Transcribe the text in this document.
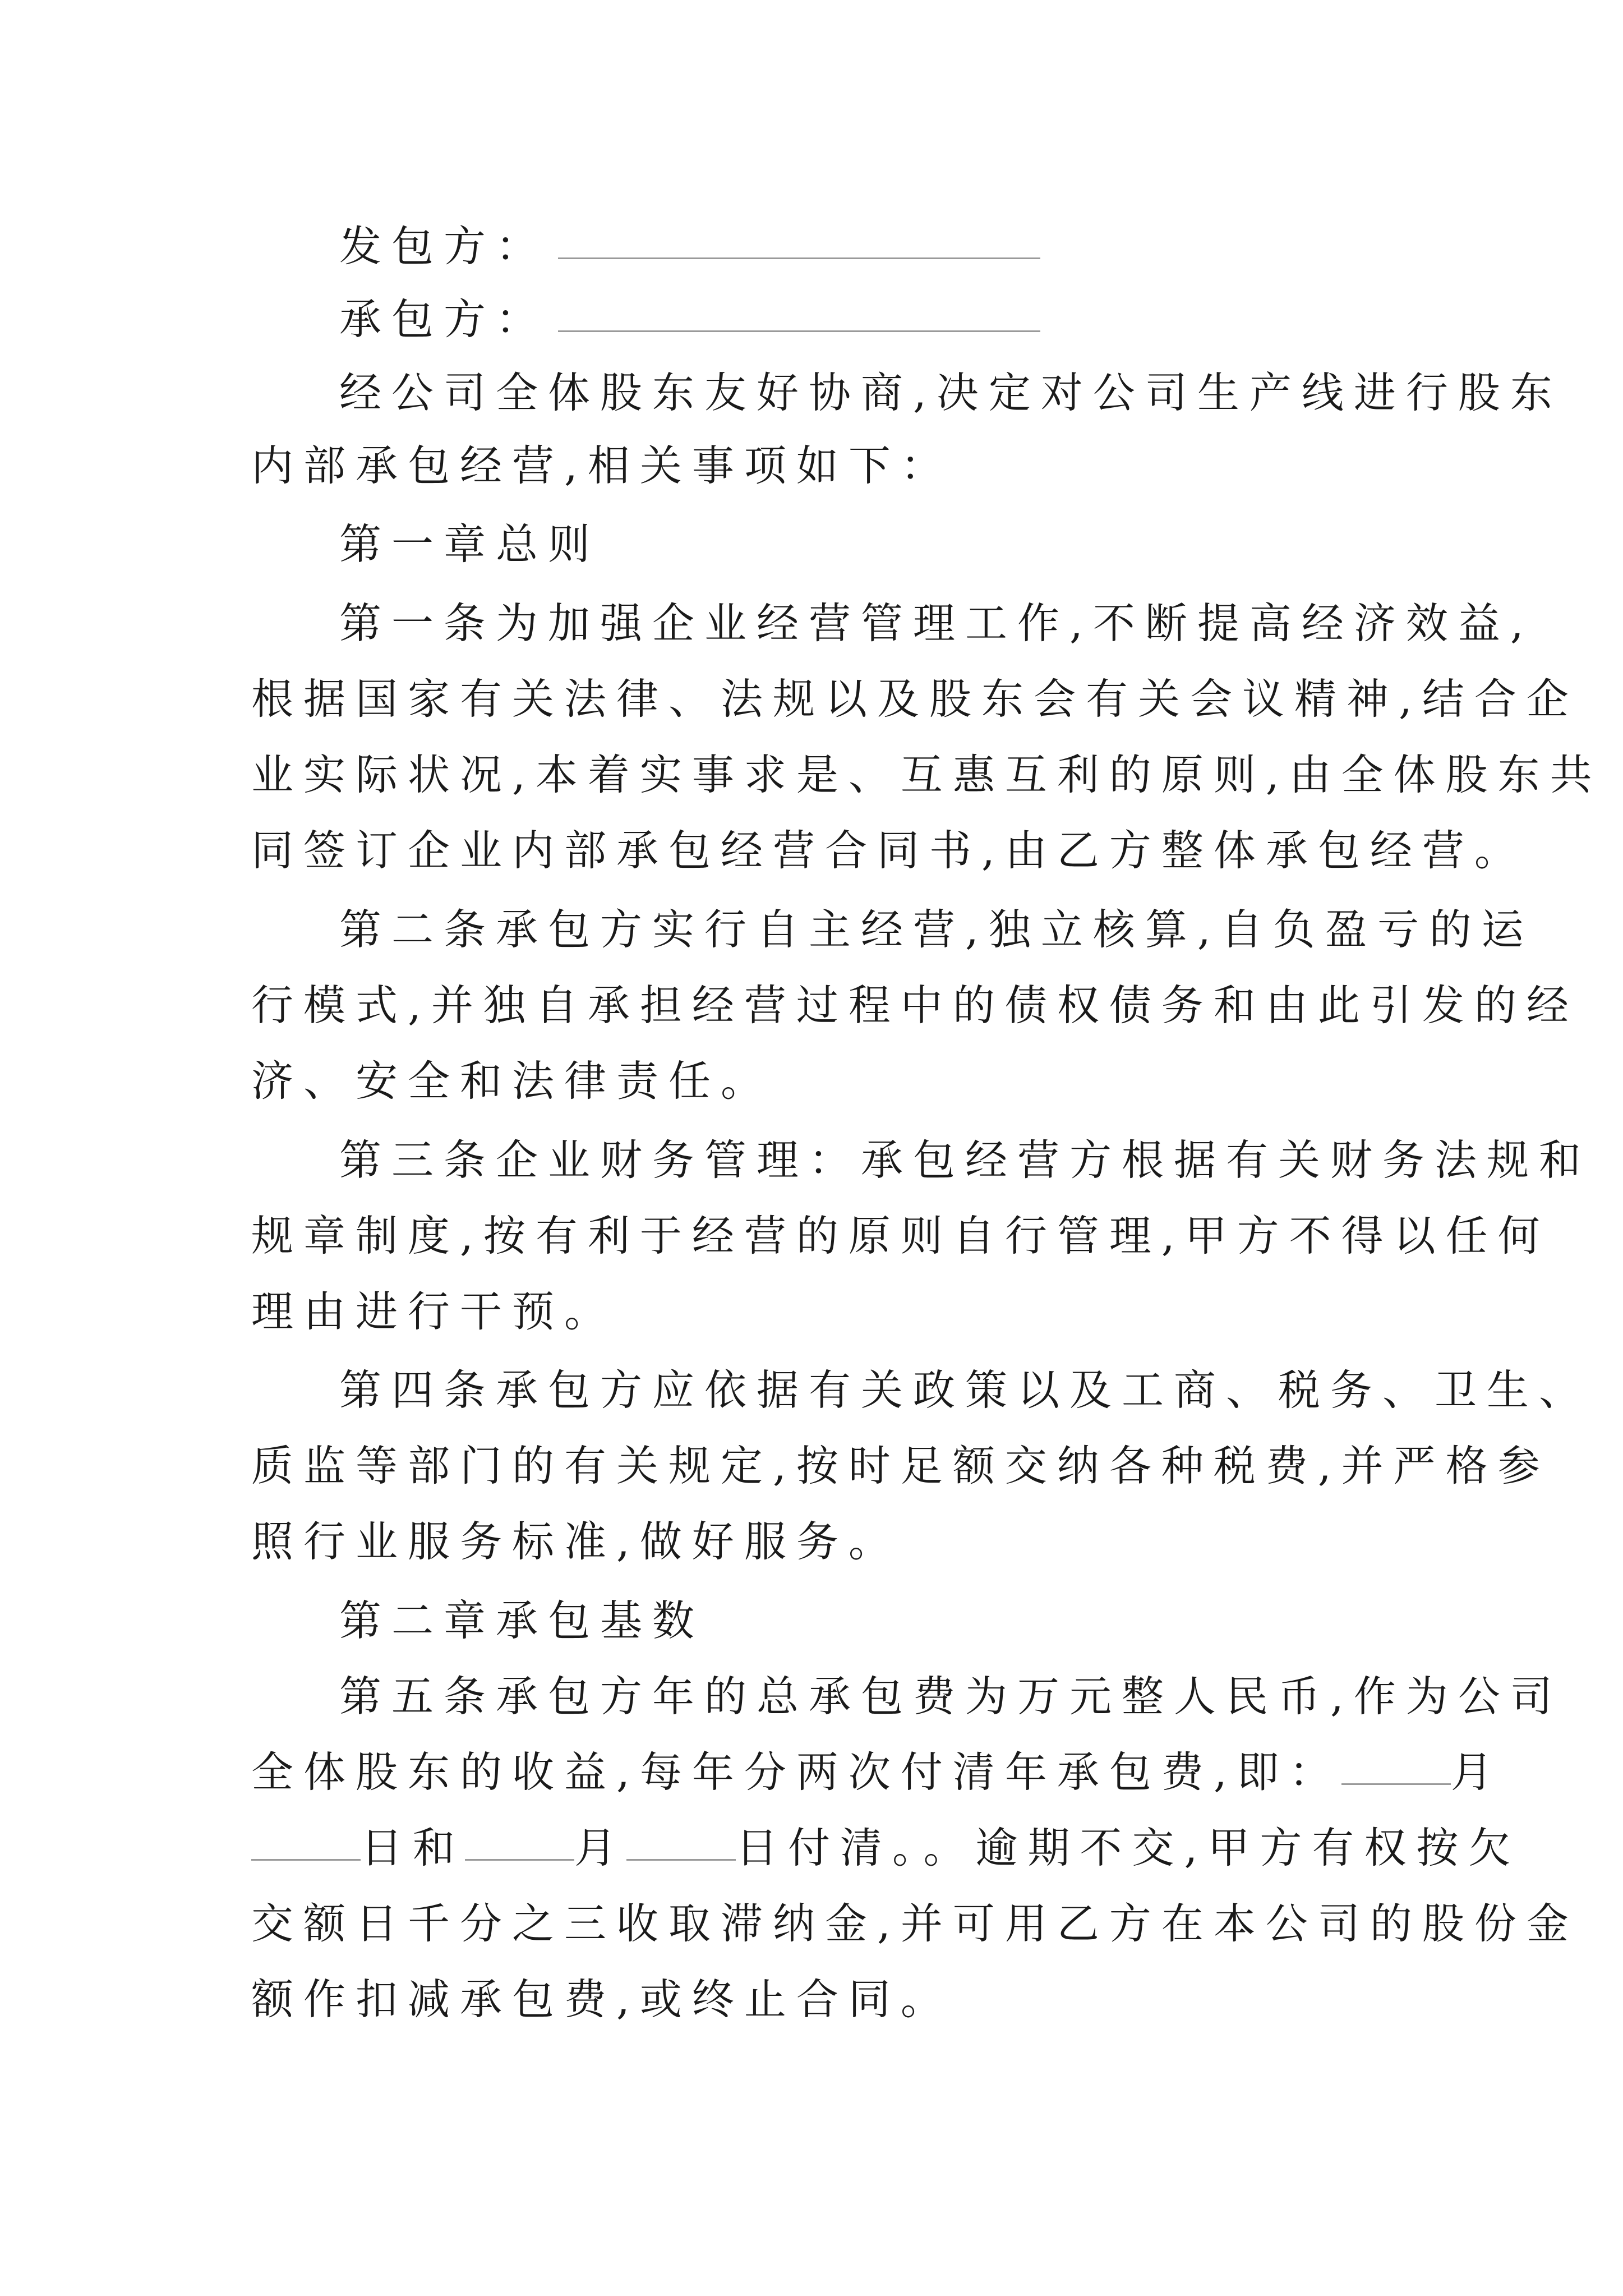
发包方：
承包方：
经公司全体股东友好协商,决定对公司生产线进行股东
内部承包经营,相关事项如下：
第一章总则
第一条为加强企业经营管理工作,不断提高经济效益,
根据国家有关法律、法规以及股东会有关会议精神,结合企
业实际状况,本着实事求是、互惠互利的原则,由全体股东共
同签订企业内部承包经营合同书,由乙方整体承包经营。
第二条承包方实行自主经营,独立核算,自负盈亏的运
行模式,并独自承担经营过程中的债权债务和由此引发的经
济、安全和法律责任。
第三条企业财务管理：承包经营方根据有关财务法规和
规章制度,按有利于经营的原则自行管理,甲方不得以任何
理由进行干预。
第四条承包方应依据有关政策以及工商、税务、卫生、
质监等部门的有关规定,按时足额交纳各种税费,并严格参
照行业服务标准,做好服务。
第二章承包基数
第五条承包方年的总承包费为万元整人民币,作为公司
全体股东的收益,每年分两次付清年承包费,即：	月
日和	月	日付清。。逾期不交,甲方有权按欠
交额日千分之三收取滞纳金,并可用乙方在本公司的股份金
额作扣减承包费,或终止合同。
